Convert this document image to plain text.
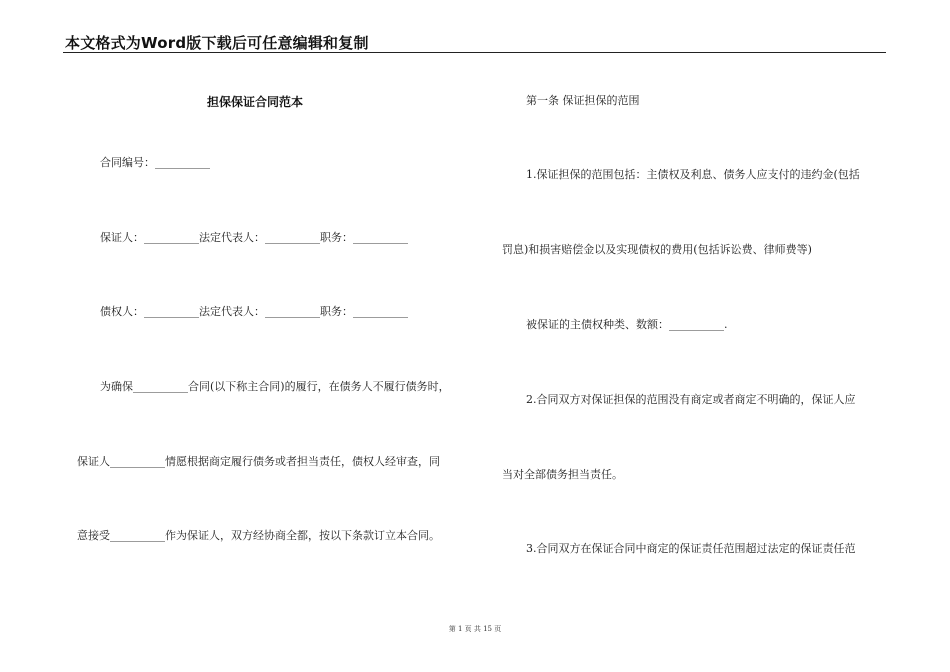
本文格式为Word版下载后可任意编辑和复制
担保保证合同范本
合同编号：__________
保证人：__________法定代表人：__________职务：__________
债权人：__________法定代表人：__________职务：__________
为确保__________合同(以下称主合同)的履行，在债务人不履行债务时，
保证人__________情愿根据商定履行债务或者担当责任，债权人经审查，同
意接受__________作为保证人，双方经协商全都，按以下条款订立本合同。
第一条 保证担保的范围
1.保证担保的范围包括：主债权及利息、债务人应支付的违约金(包括
罚息)和损害赔偿金以及实现债权的费用(包括诉讼费、律师费等)
被保证的主债权种类、数额：__________.
2.合同双方对保证担保的范围没有商定或者商定不明确的，保证人应
当对全部债务担当责任。
3.合同双方在保证合同中商定的保证责任范围超过法定的保证责任范
第 1 页 共 15 页
